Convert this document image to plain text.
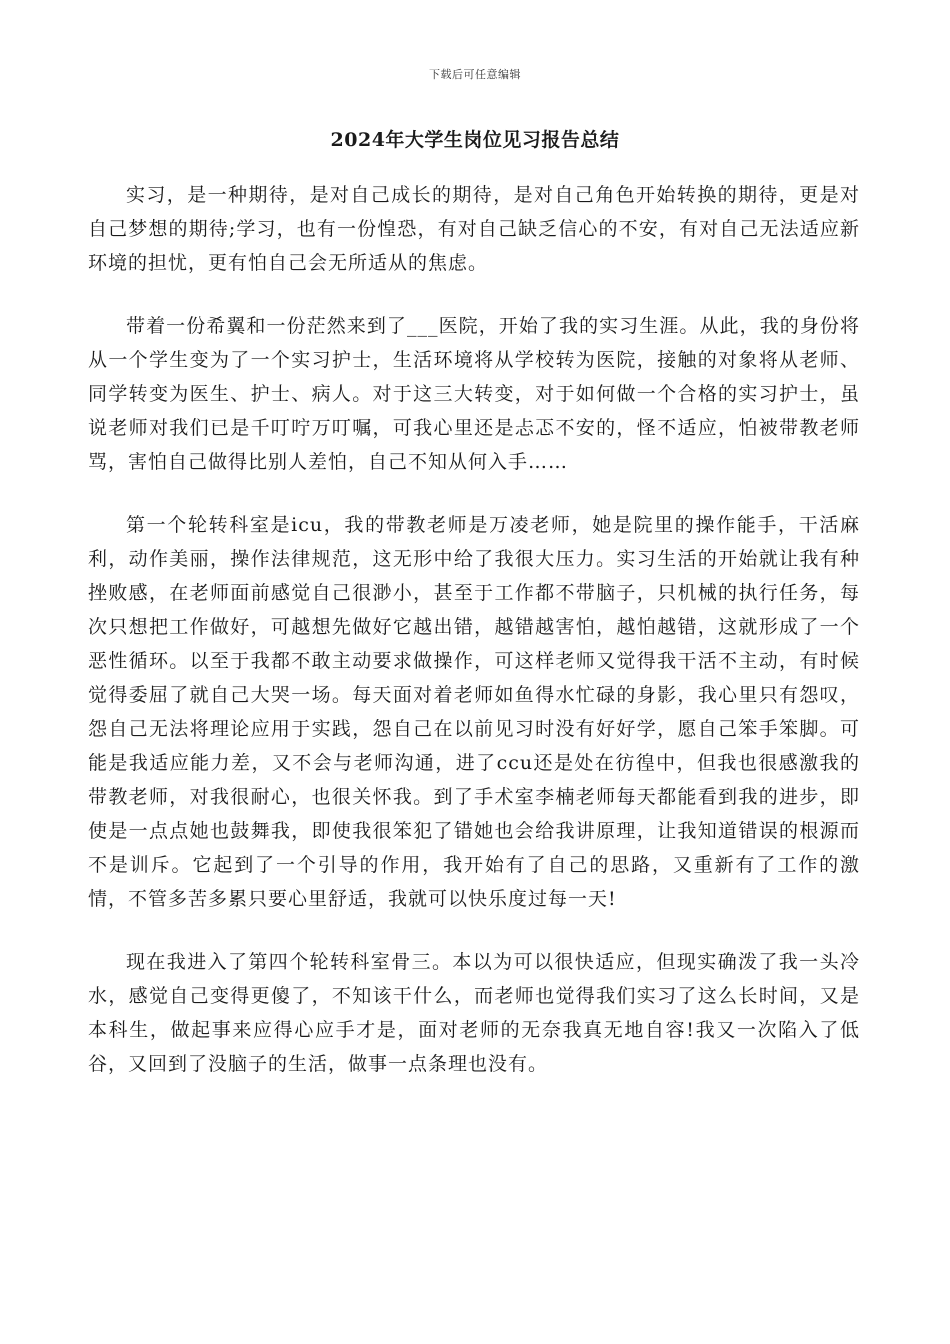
下载后可任意编辑
2024年大学生岗位见习报告总结

实习，是一种期待，是对自己成长的期待，是对自己角色开始转换的期待，更是对自己梦想的期待;学习，也有一份惶恐，有对自己缺乏信心的不安，有对自己无法适应新环境的担忧，更有怕自己会无所适从的焦虑。

带着一份希翼和一份茫然来到了___医院，开始了我的实习生涯。从此，我的身份将从一个学生变为了一个实习护士，生活环境将从学校转为医院，接触的对象将从老师、同学转变为医生、护士、病人。对于这三大转变，对于如何做一个合格的实习护士，虽说老师对我们已是千叮咛万叮嘱，可我心里还是忐忑不安的，怪不适应，怕被带教老师骂，害怕自己做得比别人差怕，自己不知从何入手……

第一个轮转科室是icu，我的带教老师是万凌老师，她是院里的操作能手，干活麻利，动作美丽，操作法律规范，这无形中给了我很大压力。实习生活的开始就让我有种挫败感，在老师面前感觉自己很渺小，甚至于工作都不带脑子，只机械的执行任务，每次只想把工作做好，可越想先做好它越出错，越错越害怕，越怕越错，这就形成了一个恶性循环。以至于我都不敢主动要求做操作，可这样老师又觉得我干活不主动，有时候觉得委屈了就自己大哭一场。每天面对着老师如鱼得水忙碌的身影，我心里只有怨叹，怨自己无法将理论应用于实践，怨自己在以前见习时没有好好学，愿自己笨手笨脚。可能是我适应能力差，又不会与老师沟通，进了ccu还是处在彷徨中，但我也很感激我的带教老师，对我很耐心，也很关怀我。到了手术室李楠老师每天都能看到我的进步，即使是一点点她也鼓舞我，即使我很笨犯了错她也会给我讲原理，让我知道错误的根源而不是训斥。它起到了一个引导的作用，我开始有了自己的思路，又重新有了工作的激情，不管多苦多累只要心里舒适，我就可以快乐度过每一天!

现在我进入了第四个轮转科室骨三。本以为可以很快适应，但现实确泼了我一头冷水，感觉自己变得更傻了，不知该干什么，而老师也觉得我们实习了这么长时间，又是本科生，做起事来应得心应手才是，面对老师的无奈我真无地自容!我又一次陷入了低谷，又回到了没脑子的生活，做事一点条理也没有。
